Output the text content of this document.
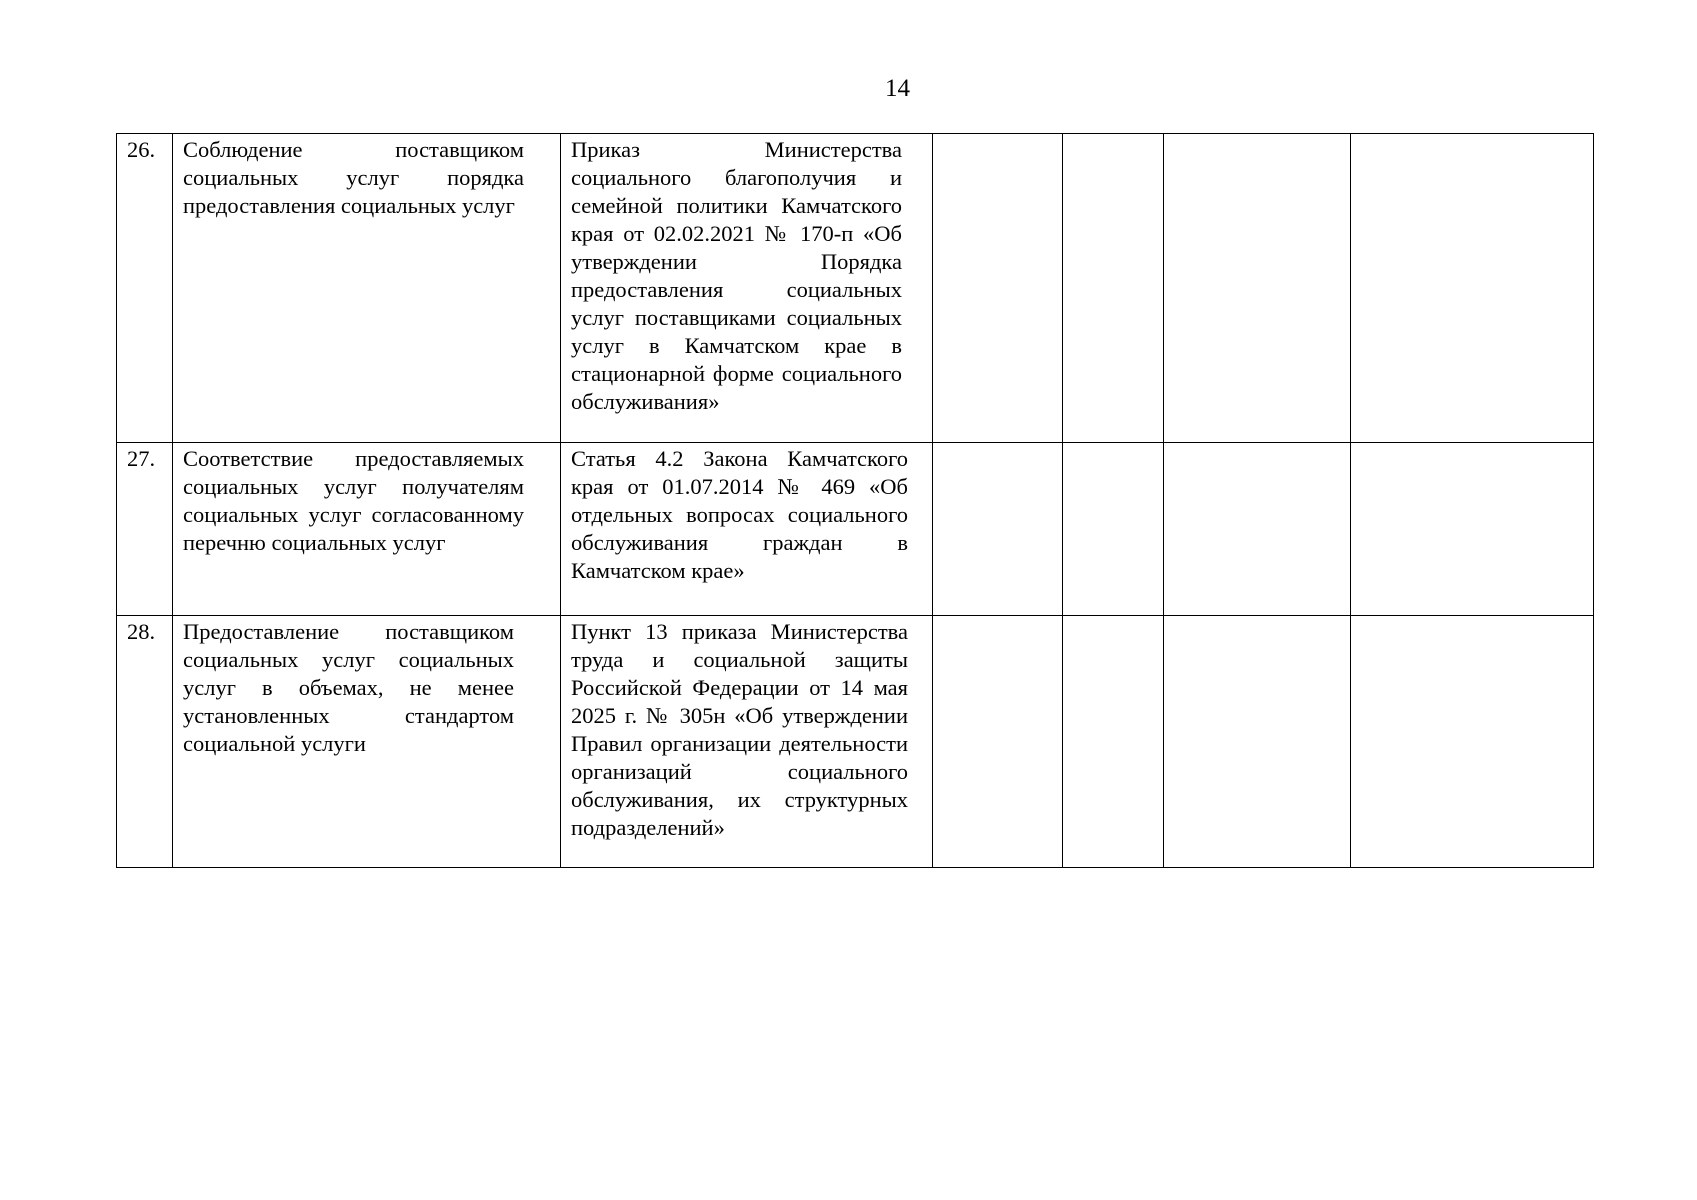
14
26.	Соблюдение поставщиком социальных услуг порядка предоставления социальных услуг	Приказ Министерства социального благополучия и семейной политики Камчатского края от 02.02.2021 № 170-п «Об утверждении Порядка предоставления социальных услуг поставщиками социальных услуг в Камчатском крае в стационарной форме социального обслуживания»				
27.	Соответствие предоставляемых социальных услуг получателям социальных услуг согласованному перечню социальных услуг	Статья 4.2 Закона Камчатского края от 01.07.2014 № 469 «Об отдельных вопросах социального обслуживания граждан в Камчатском крае»				
28.	Предоставление поставщиком социальных услуг социальных услуг в объемах, не менее установленных стандартом социальной услуги	Пункт 13 приказа Министерства труда и социальной защиты Российской Федерации от 14 мая 2025 г. № 305н «Об утверждении Правил организации деятельности организаций социального обслуживания, их структурных подразделений»				
